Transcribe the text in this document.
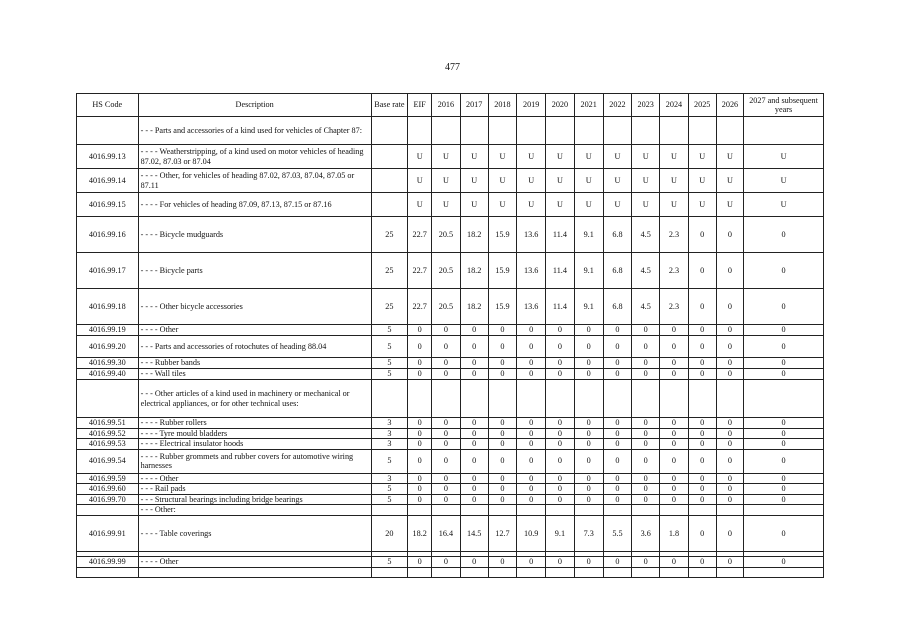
477
HS Code	Description	Base rate	EIF	2016	2017	2018	2019	2020	2021	2022	2023	2024	2025	2026	2027 and subsequent years
	- - - Parts and accessories of a kind used for vehicles of Chapter 87:														
4016.99.13	- - - - Weatherstripping, of a kind used on motor vehicles of heading 87.02, 87.03 or 87.04		U	U	U	U	U	U	U	U	U	U	U	U	U
4016.99.14	- - - - Other, for vehicles of heading 87.02, 87.03, 87.04, 87.05 or 87.11		U	U	U	U	U	U	U	U	U	U	U	U	U
4016.99.15	- - - - For vehicles of heading 87.09, 87.13, 87.15 or 87.16		U	U	U	U	U	U	U	U	U	U	U	U	U
4016.99.16	- - - - Bicycle mudguards	25	22.7	20.5	18.2	15.9	13.6	11.4	9.1	6.8	4.5	2.3	0	0	0
4016.99.17	- - - - Bicycle parts	25	22.7	20.5	18.2	15.9	13.6	11.4	9.1	6.8	4.5	2.3	0	0	0
4016.99.18	- - - - Other bicycle accessories	25	22.7	20.5	18.2	15.9	13.6	11.4	9.1	6.8	4.5	2.3	0	0	0
4016.99.19	- - - - Other	5	0	0	0	0	0	0	0	0	0	0	0	0	0
4016.99.20	- - - Parts and accessories of rotochutes of heading 88.04	5	0	0	0	0	0	0	0	0	0	0	0	0	0
4016.99.30	- - - Rubber bands	5	0	0	0	0	0	0	0	0	0	0	0	0	0
4016.99.40	- - - Wall tiles	5	0	0	0	0	0	0	0	0	0	0	0	0	0
	- - - Other articles of a kind used in machinery or mechanical or electrical appliances, or for other technical uses:														
4016.99.51	- - - - Rubber rollers	3	0	0	0	0	0	0	0	0	0	0	0	0	0
4016.99.52	- - - - Tyre mould bladders	3	0	0	0	0	0	0	0	0	0	0	0	0	0
4016.99.53	- - - - Electrical insulator hoods	3	0	0	0	0	0	0	0	0	0	0	0	0	0
4016.99.54	- - - - Rubber grommets and rubber covers for automotive wiring harnesses	5	0	0	0	0	0	0	0	0	0	0	0	0	0
4016.99.59	- - - - Other	3	0	0	0	0	0	0	0	0	0	0	0	0	0
4016.99.60	- - - Rail pads	5	0	0	0	0	0	0	0	0	0	0	0	0	0
4016.99.70	- - - Structural bearings including bridge bearings	5	0	0	0	0	0	0	0	0	0	0	0	0	0
	- - - Other:														
4016.99.91	- - - - Table coverings	20	18.2	16.4	14.5	12.7	10.9	9.1	7.3	5.5	3.6	1.8	0	0	0

4016.99.99	- - - - Other	5	0	0	0	0	0	0	0	0	0	0	0	0	0
